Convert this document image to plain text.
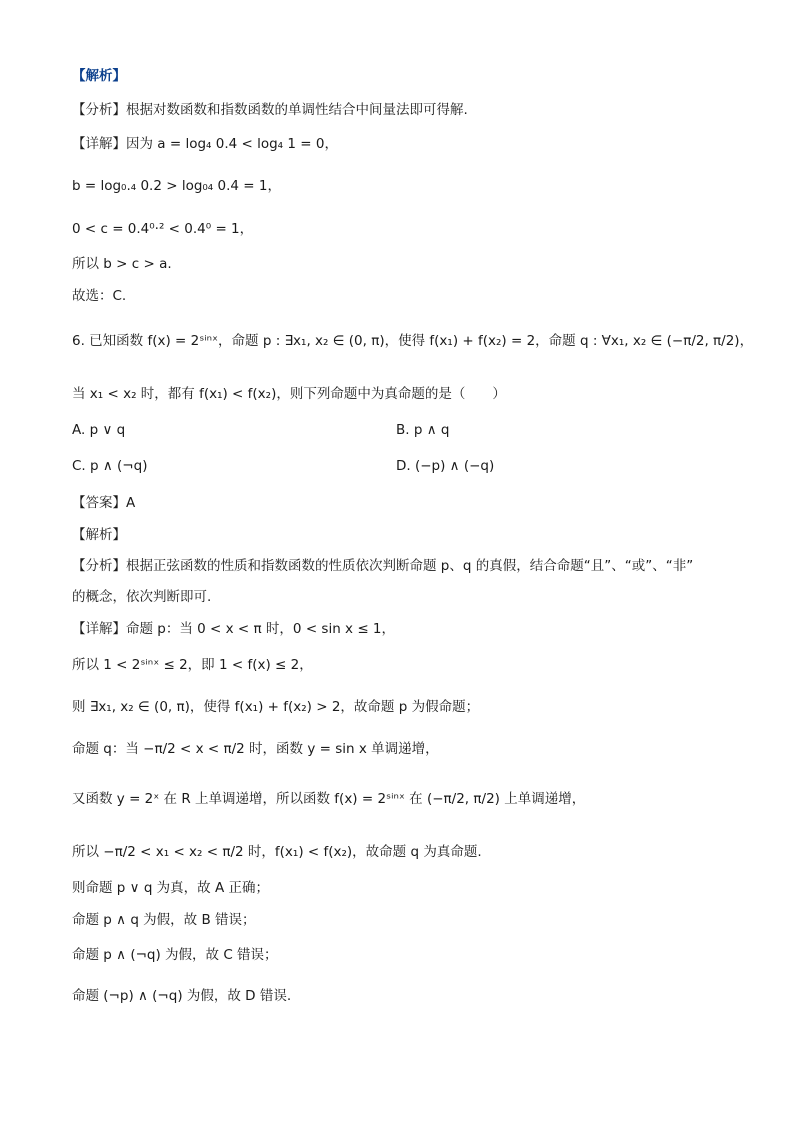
【解析】
【分析】根据对数函数和指数函数的单调性结合中间量法即可得解.
【详解】因为 a = log₄ 0.4 < log₄ 1 = 0，
b = log₀.₄ 0.2 > log₀₄ 0.4 = 1，
0 < c = 0.4⁰·² < 0.4⁰ = 1，
所以 b > c > a.
故选：C.
6. 已知函数 f(x) = 2ˢⁱⁿˣ，命题 p : ∃x₁, x₂ ∈ (0, π)，使得 f(x₁) + f(x₂) = 2，命题 q : ∀x₁, x₂ ∈ (−π/2, π/2)，
当 x₁ < x₂ 时，都有 f(x₁) < f(x₂)，则下列命题中为真命题的是（　　）
A. p ∨ q	B. p ∧ q
C. p ∧ (¬q)	D. (−p) ∧ (−q)
【答案】A
【解析】
【分析】根据正弦函数的性质和指数函数的性质依次判断命题 p、q 的真假，结合命题“且”、“或”、“非”
的概念，依次判断即可.
【详解】命题 p：当 0 < x < π 时，0 < sin x ≤ 1，
所以 1 < 2ˢⁱⁿˣ ≤ 2，即 1 < f(x) ≤ 2，
则 ∃x₁, x₂ ∈ (0, π)，使得 f(x₁) + f(x₂) > 2，故命题 p 为假命题；
命题 q：当 −π/2 < x < π/2 时，函数 y = sin x 单调递增，
又函数 y = 2ˣ 在 R 上单调递增，所以函数 f(x) = 2ˢⁱⁿˣ 在 (−π/2, π/2) 上单调递增，
所以 −π/2 < x₁ < x₂ < π/2 时，f(x₁) < f(x₂)，故命题 q 为真命题.
则命题 p ∨ q 为真，故 A 正确；
命题 p ∧ q 为假，故 B 错误；
命题 p ∧ (¬q) 为假，故 C 错误；
命题 (¬p) ∧ (¬q) 为假，故 D 错误.
